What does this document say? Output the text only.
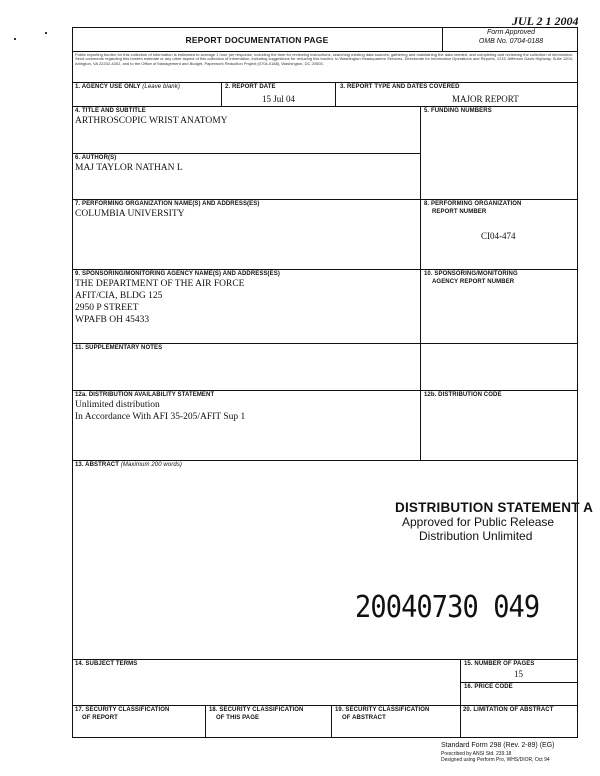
JUL 2 1 2004
REPORT DOCUMENTATION PAGE
Form Approved
OMB No. 0704-0188
Public reporting burden for this collection of information is estimated to average 1 hour per response, including the time for reviewing instructions, searching existing data sources, gathering and maintaining the data needed, and completing and reviewing the collection of information. Send comments regarding this burden estimate or any other aspect of this collection of information, including suggestions for reducing this burden, to Washington Headquarters Services, Directorate for Information Operations and Reports, 1215 Jefferson Davis Highway, Suite 1204, Arlington, VA 22202-4302, and to the Office of Management and Budget, Paperwork Reduction Project (0704-0188), Washington, DC 20503.
1. AGENCY USE ONLY (Leave blank)	2. REPORT DATE
15 Jul 04
3. REPORT TYPE AND DATES COVERED
MAJOR REPORT
4. TITLE AND SUBTITLE
ARTHROSCOPIC WRIST ANATOMY
5. FUNDING NUMBERS
6. AUTHOR(S)
MAJ TAYLOR NATHAN L
7. PERFORMING ORGANIZATION NAME(S) AND ADDRESS(ES)
COLUMBIA UNIVERSITY
8. PERFORMING ORGANIZATION
REPORT NUMBER
CI04-474
9. SPONSORING/MONITORING AGENCY NAME(S) AND ADDRESS(ES)
THE DEPARTMENT OF THE AIR FORCE
AFIT/CIA, BLDG 125
2950 P STREET
WPAFB OH 45433
10. SPONSORING/MONITORING
AGENCY REPORT NUMBER
11. SUPPLEMENTARY NOTES
12a. DISTRIBUTION AVAILABILITY STATEMENT
Unlimited distribution
In Accordance With AFI 35-205/AFIT Sup 1
12b. DISTRIBUTION CODE
13. ABSTRACT (Maximum 200 words)
DISTRIBUTION STATEMENT A
Approved for Public Release
Distribution Unlimited
20040730 049
14. SUBJECT TERMS	15. NUMBER OF PAGES
15
16. PRICE CODE
17. SECURITY CLASSIFICATION
OF REPORT
18. SECURITY CLASSIFICATION
OF THIS PAGE
19. SECURITY CLASSIFICATION
OF ABSTRACT
20. LIMITATION OF ABSTRACT
Standard Form 298 (Rev. 2-89) (EG)
Prescribed by ANSI Std. 239.18
Designed using Perform Pro, WHS/DIOR, Oct 94
